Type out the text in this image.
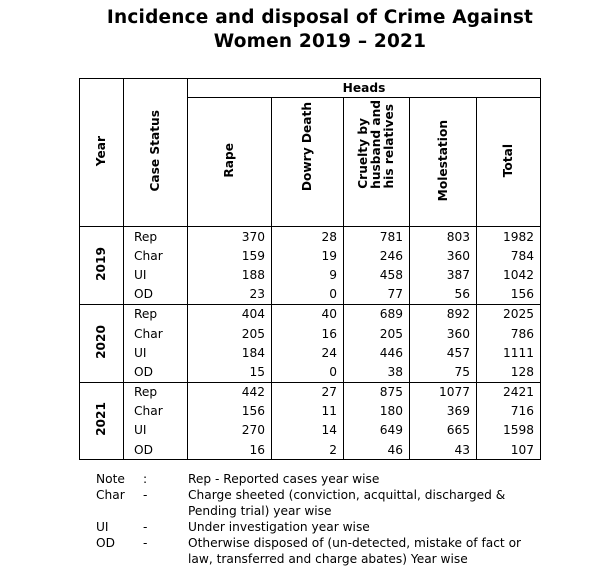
Incidence and disposal of Crime Against
Women 2019 – 2021
Year	Case Status	Heads				
		Rape	Dowry Death	Cruelty byhusband andhis relatives	Molestation	Total
2019	Rep	370	28	781	803	1982
	Char	159	19	246	360	784
	UI	188	9	458	387	1042
	OD	23	0	77	56	156
2020	Rep	404	40	689	892	2025
	Char	205	16	205	360	786
	UI	184	24	446	457	1111
	OD	15	0	38	75	128
2021	Rep	442	27	875	1077	2421
	Char	156	11	180	369	716
	UI	270	14	649	665	1598
	OD	16	2	46	43	107
Note	:	Rep - Reported cases year wise
Char	-	Charge sheeted (conviction, acquittal, discharged & Pending trial) year wise
UI	-	Under investigation year wise
OD	-	Otherwise disposed of (un-detected, mistake of fact or law, transferred and charge abates) Year wise
